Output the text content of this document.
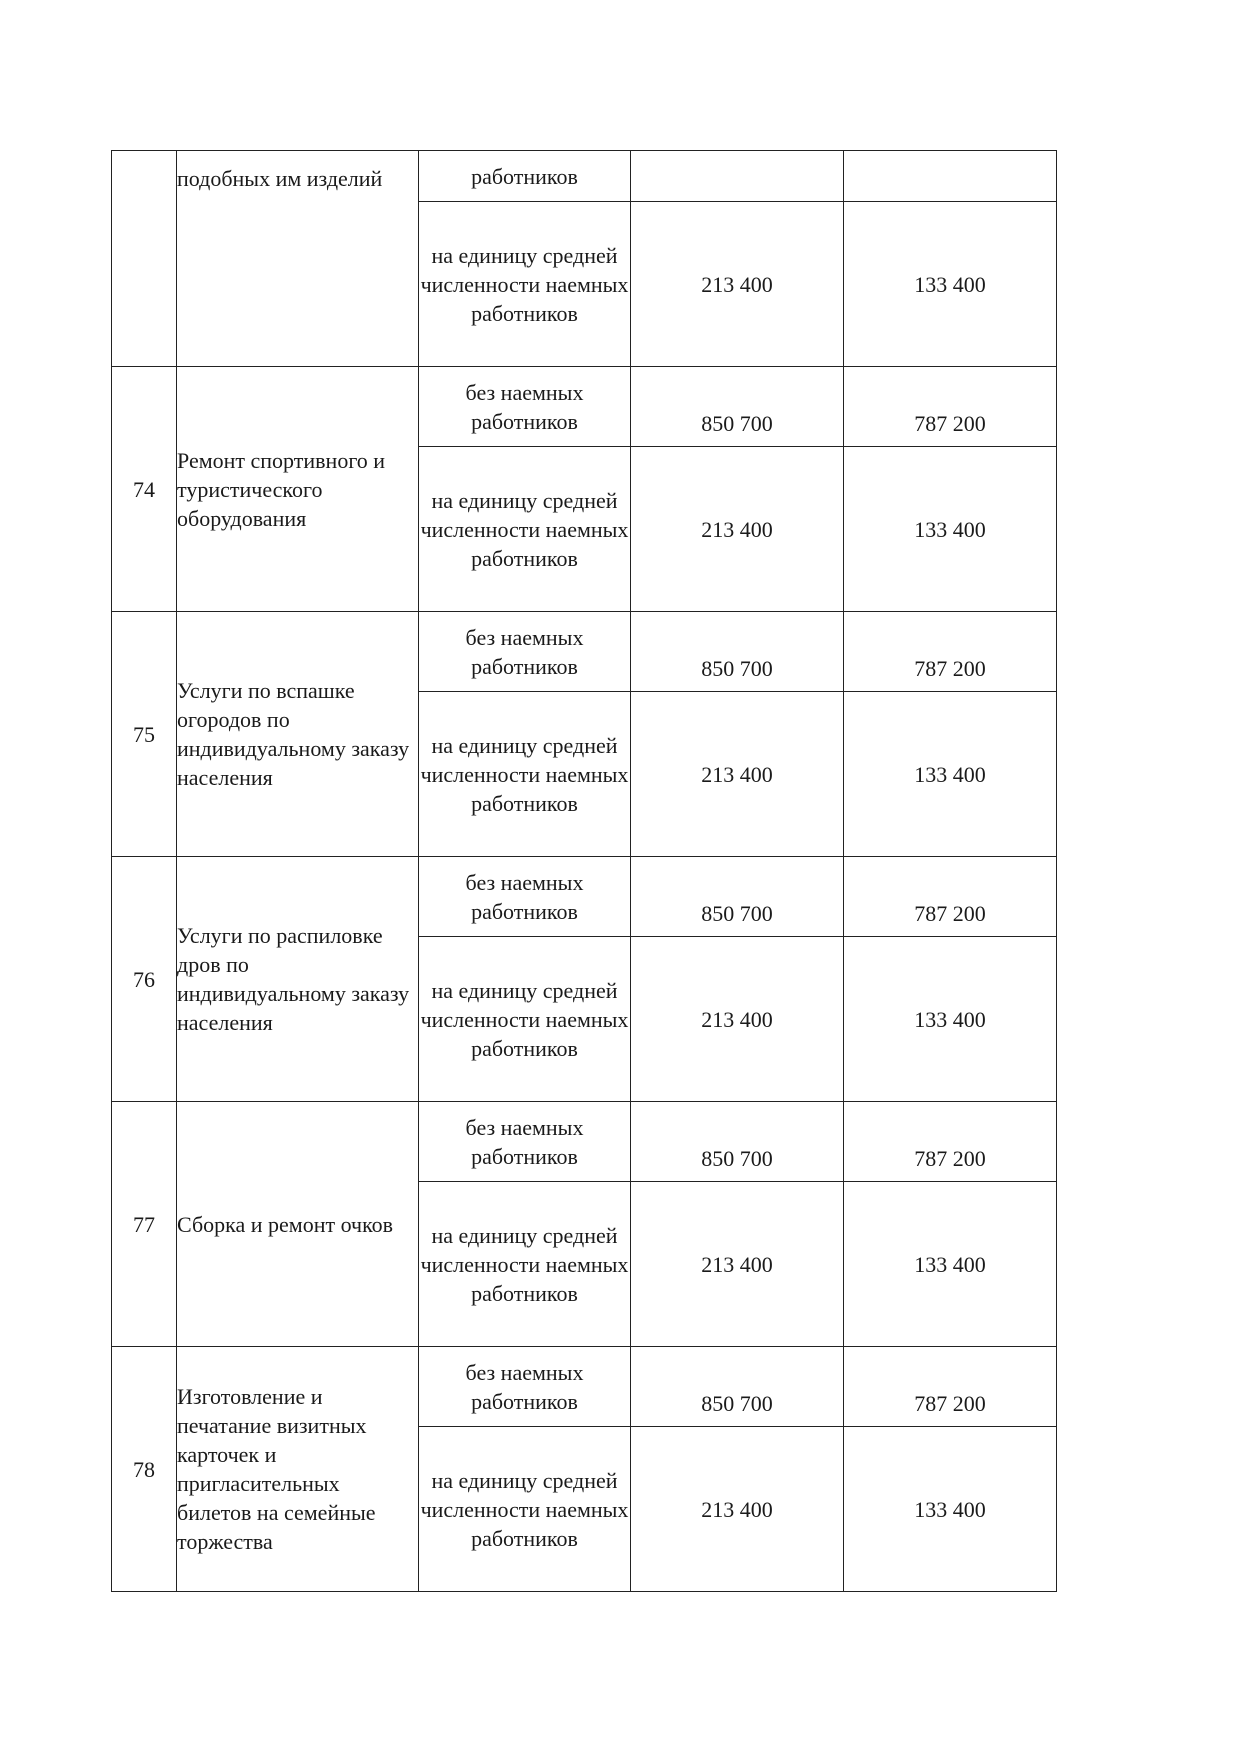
	подобных им изделий	работников		
		на единицу средней численности наемных работников	213 400	133 400
74	Ремонт спортивного и туристического оборудования	без наемных работников	850 700	787 200
		на единицу средней численности наемных работников	213 400	133 400
75	Услуги по вспашке огородов по индивидуальному заказу населения	без наемных работников	850 700	787 200
		на единицу средней численности наемных работников	213 400	133 400
76	Услуги по распиловке дров по индивидуальному заказу населения	без наемных работников	850 700	787 200
		на единицу средней численности наемных работников	213 400	133 400
77	Сборка и ремонт очков	без наемных работников	850 700	787 200
		на единицу средней численности наемных работников	213 400	133 400
78	Изготовление и печатание визитных карточек и пригласительных билетов на семейные торжества	без наемных работников	850 700	787 200
		на единицу средней численности наемных работников	213 400	133 400
